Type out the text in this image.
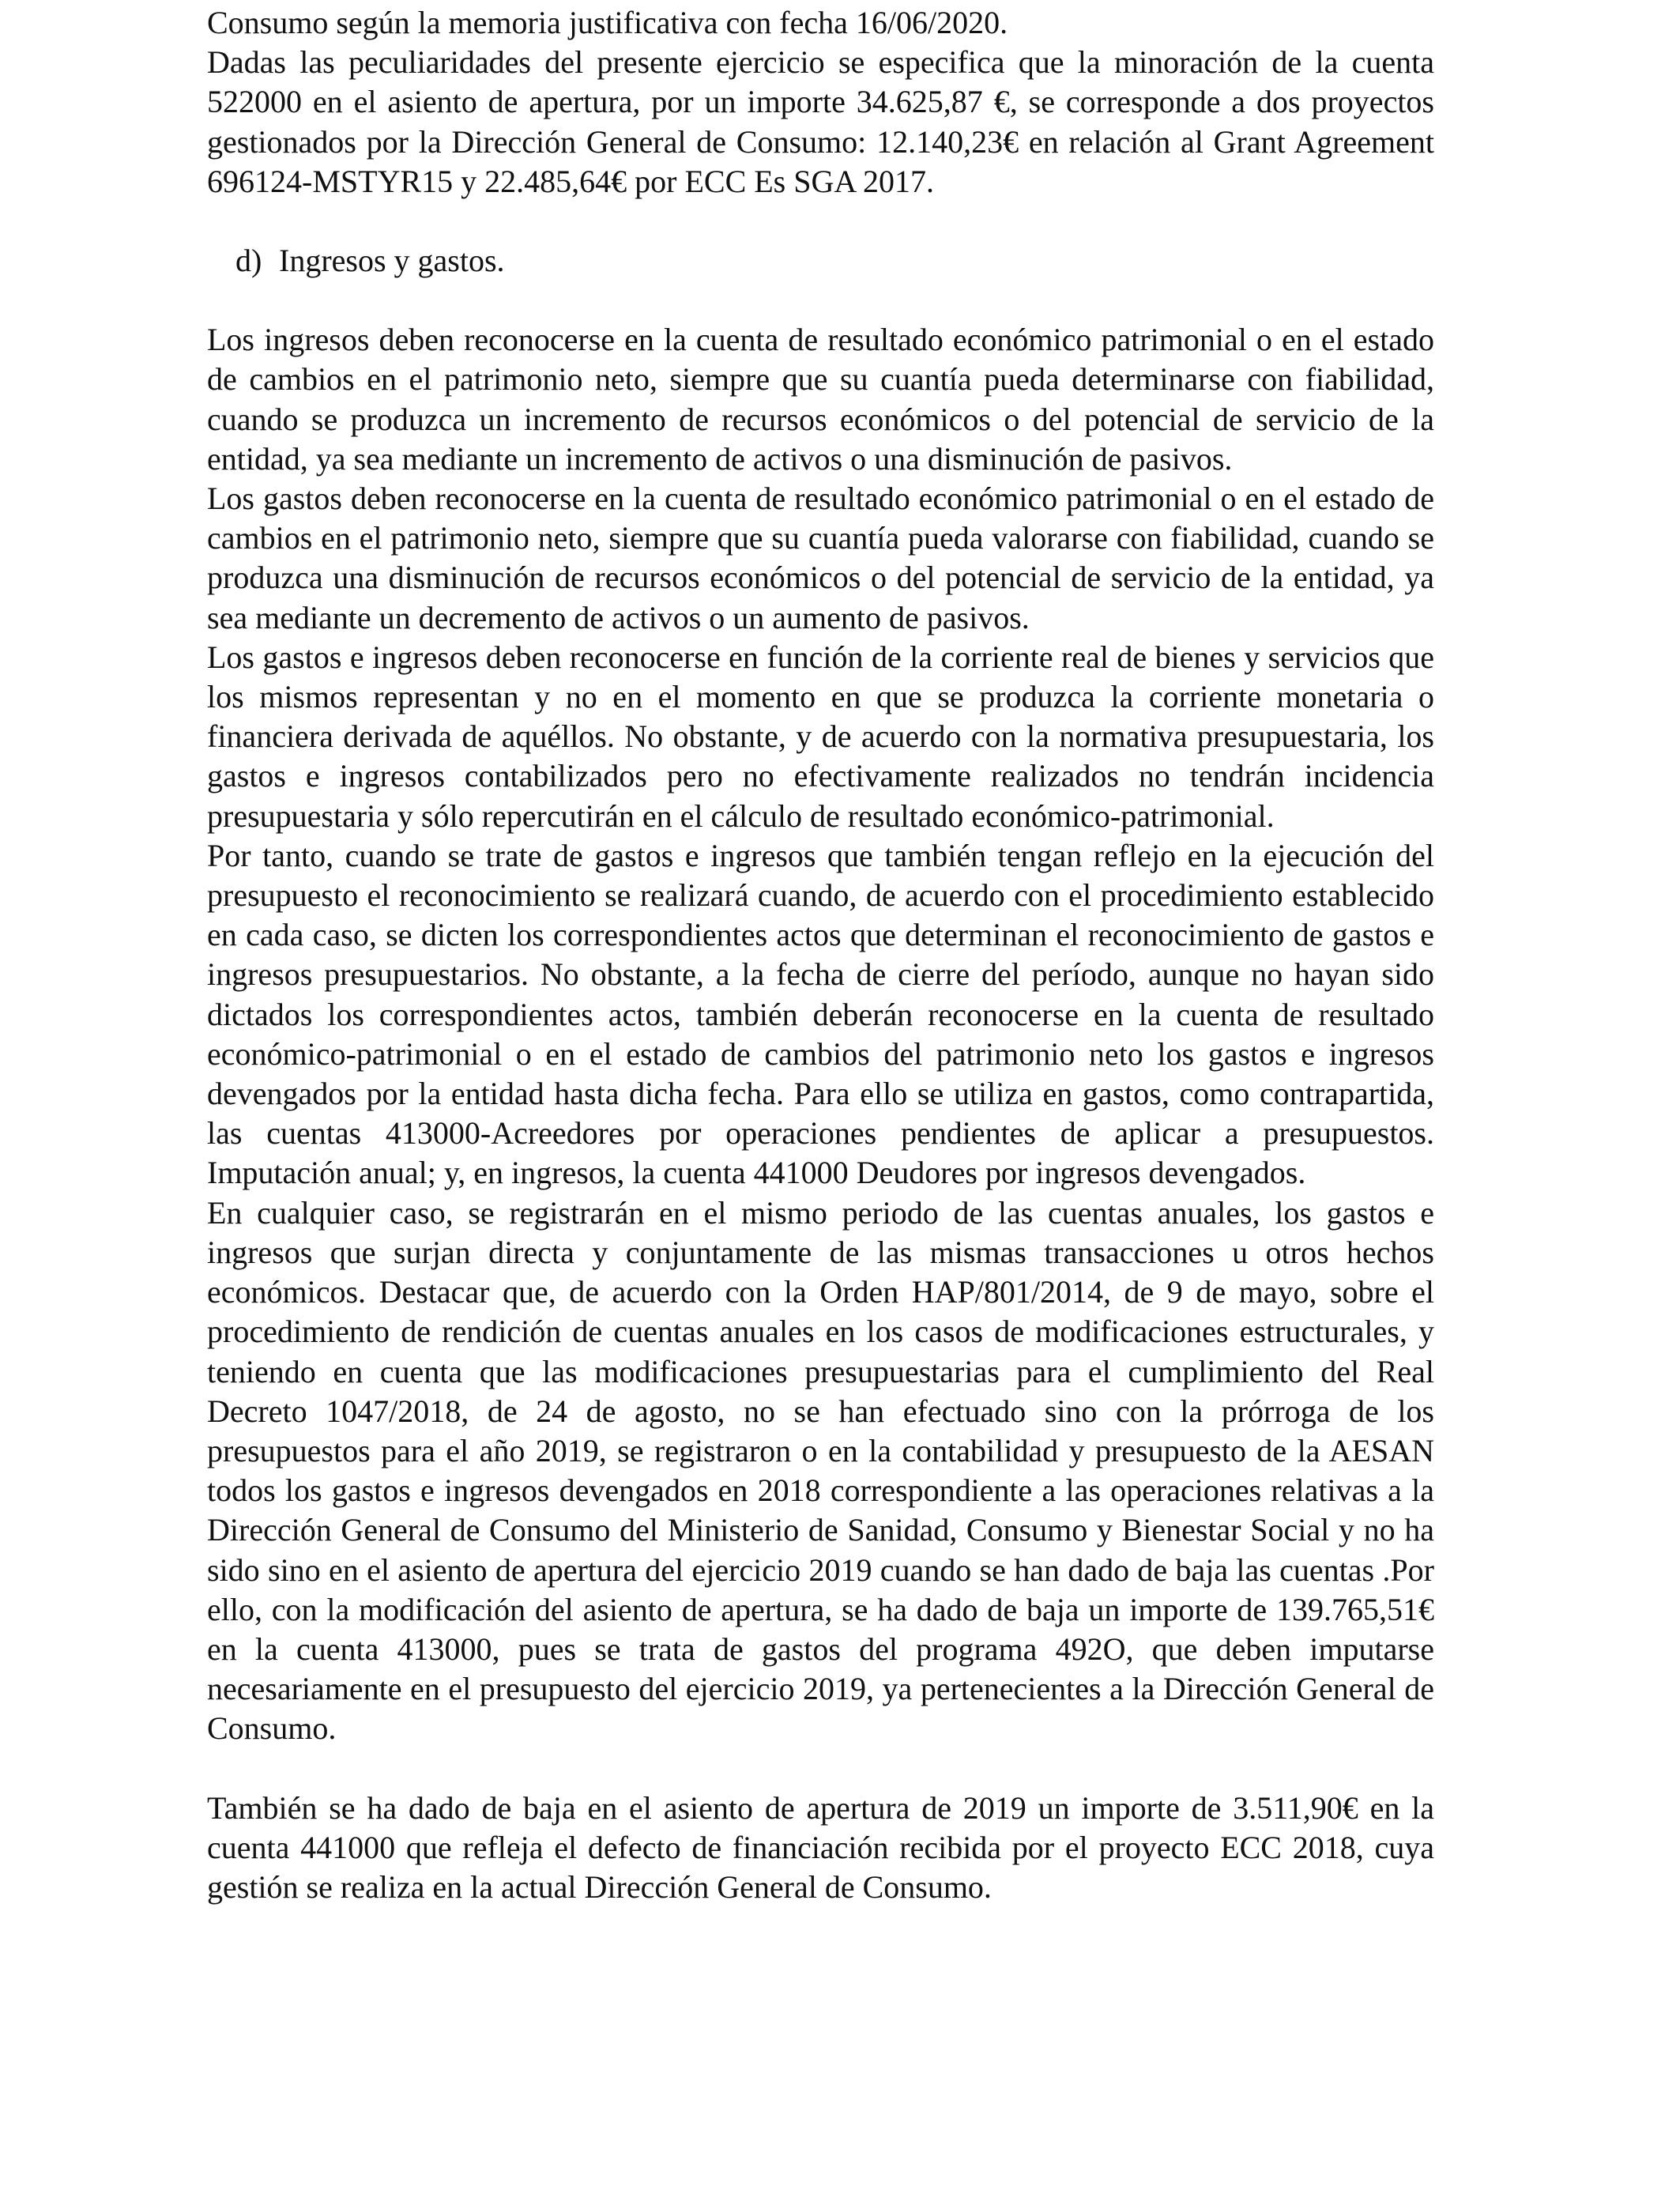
Consumo según la memoria justificativa con fecha 16/06/2020.

Dadas las peculiaridades del presente ejercicio se especifica que la minoración de la cuenta 522000 en el asiento de apertura, por un importe 34.625,87 €, se corresponde a dos proyectos gestionados por la Dirección General de Consumo: 12.140,23€ en relación al Grant Agreement 696124-MSTYR15 y 22.485,64€ por ECC Es SGA 2017.

d) Ingresos y gastos.

Los ingresos deben reconocerse en la cuenta de resultado económico patrimonial o en el estado de cambios en el patrimonio neto, siempre que su cuantía pueda determinarse con fiabilidad, cuando se produzca un incremento de recursos económicos o del potencial de servicio de la entidad, ya sea mediante un incremento de activos o una disminución de pasivos.

Los gastos deben reconocerse en la cuenta de resultado económico patrimonial o en el estado de cambios en el patrimonio neto, siempre que su cuantía pueda valorarse con fiabilidad, cuando se produzca una disminución de recursos económicos o del potencial de servicio de la entidad, ya sea mediante un decremento de activos o un aumento de pasivos.

Los gastos e ingresos deben reconocerse en función de la corriente real de bienes y servicios que los mismos representan y no en el momento en que se produzca la corriente monetaria o financiera derivada de aquéllos. No obstante, y de acuerdo con la normativa presupuestaria, los gastos e ingresos contabilizados pero no efectivamente realizados no tendrán incidencia presupuestaria y sólo repercutirán en el cálculo de resultado económico-patrimonial.

Por tanto, cuando se trate de gastos e ingresos que también tengan reflejo en la ejecución del presupuesto el reconocimiento se realizará cuando, de acuerdo con el procedimiento establecido en cada caso, se dicten los correspondientes actos que determinan el reconocimiento de gastos e ingresos presupuestarios. No obstante, a la fecha de cierre del período, aunque no hayan sido dictados los correspondientes actos, también deberán reconocerse en la cuenta de resultado económico-patrimonial o en el estado de cambios del patrimonio neto los gastos e ingresos devengados por la entidad hasta dicha fecha. Para ello se utiliza en gastos, como contrapartida, las cuentas 413000-Acreedores por operaciones pendientes de aplicar a presupuestos. Imputación anual; y, en ingresos, la cuenta 441000 Deudores por ingresos devengados.

En cualquier caso, se registrarán en el mismo periodo de las cuentas anuales, los gastos e ingresos que surjan directa y conjuntamente de las mismas transacciones u otros hechos económicos. Destacar que, de acuerdo con la Orden HAP/801/2014, de 9 de mayo, sobre el procedimiento de rendición de cuentas anuales en los casos de modificaciones estructurales, y teniendo en cuenta que las modificaciones presupuestarias para el cumplimiento del Real Decreto 1047/2018, de 24 de agosto, no se han efectuado sino con la prórroga de los presupuestos para el año 2019, se registraron o en la contabilidad y presupuesto de la AESAN todos los gastos e ingresos devengados en 2018 correspondiente a las operaciones relativas a la Dirección General de Consumo del Ministerio de Sanidad, Consumo y Bienestar Social y no ha sido sino en el asiento de apertura del ejercicio 2019 cuando se han dado de baja las cuentas .Por ello, con la modificación del asiento de apertura, se ha dado de baja un importe de 139.765,51€ en la cuenta 413000, pues se trata de gastos del programa 492O, que deben imputarse necesariamente en el presupuesto del ejercicio 2019, ya pertenecientes a la Dirección General de Consumo.

También se ha dado de baja en el asiento de apertura de 2019 un importe de 3.511,90€ en la cuenta 441000 que refleja el defecto de financiación recibida por el proyecto ECC 2018, cuya gestión se realiza en la actual Dirección General de Consumo.
